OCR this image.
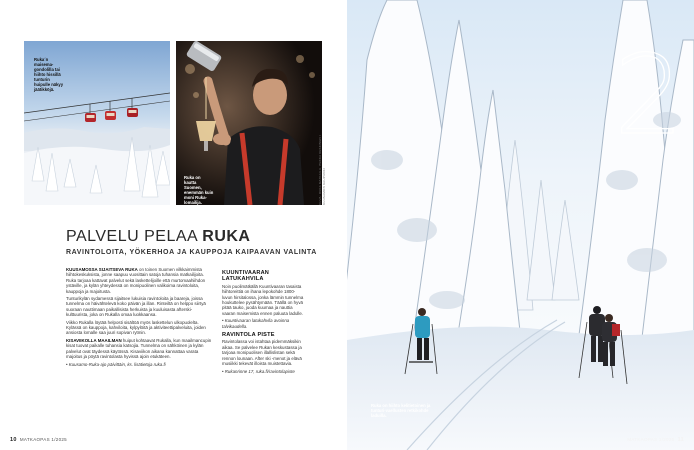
Ruka´n maisema-gondolilla tai hiihto hissillä tunturin huipulle näkyy jäätikköjä.
Ruka on kautta Suomen, enemmän kuin moni Ruka-lomailija.	KUVA: RUKA MATKAILU, PEKKA KESKINEN / KUUSAMON KAUPUNKI
PALVELU PELAA RUKA
RAVINTOLOITA, YÖKERHOA JA KAUPPOJA KAIPAAVAN VALINTA

KUUSAMOSSA SIJAITSEVA RUKA on toinen Suomen vilkkaimmista hiihtokeskuksista, jonne saapuu vuosittain satoja tuhansia matkailijoita. Ruka tarjoaa kattavat palvelut sekä laskettelijoille että murtomaahiihdon ystäville, ja kylän yhteydessä on monipuolinen valikoima ravintoloita, kauppoja ja majoitusta.

Tunturikylän sydamessä sijaitsee lukuisia ravintoloita ja baareja, joissa tunnelma on häivähtelevä koko päivän ja illan. Rinteiltä on helppo siirtyä suoraan nauttimaan paikallisista herkuista ja kuuluisasta afterski-kulttuurista, joka on Rukalla omaa luokkaansa.

Viikko Rukalla löytää helposti sisältöä myös laskettelun ulkopuolelta. Kylässä on kauppoja, kahviloita, kylpylöitä ja aktiviteettipalveluita, joiden ansiosta lomalle saa juuri sopivan rytmin.

KISAVIIKOLLA MAAILMAN huiput kohtaavat Rukalla, kun maailmancupin kisat tuovat paikalle tuhansia katsojia. Tunnelma on sähköinen ja kylän palvelut ovat täydessä käytössä. Kisaviikon aikana kannattaa varata majoitus ja pöytä ravintolasta hyvissä ajoin etukäteen.

• Kuusamo-Ruka-ajo päivittäin, ks. lisätietoja ruka.fi

KUUNTIVAARAN LATUKAHVILA

Noin puolimätkällä Kuuntivaaran tasaista hiihtoreittiä on ihana lepokohde 1800-luvun hirsitalossa, jonka lämmin tunnelma houkuttelee pysähtymään. Täällä on hyvä pitää tauko, juoda kuumaa ja nauttia vaaran maisemista ennen paluuta ladulle.

• Kuuntivaaran latukahvila avoinna talvikaudella.

RAVINTOLA PISTE

Ravintolassa voi istahtaa pidemmäksikin aikaa. Se palvelee Rukan keskustassa ja tarjoaa monipuolisen illallislistan sekä rennon lounaan. After ski -menot ja elävä musiikki tekevät illoista muistettavia.

• Rukanrinne 17, ruka.fi/ravintolapiste

10 MATKAOPAS 1/2025
2
Ruka on hiihto kelitietoinen ja tunturi-vaellusten retkikohde laduilla.
MATKAOPAS 1/2025 11
